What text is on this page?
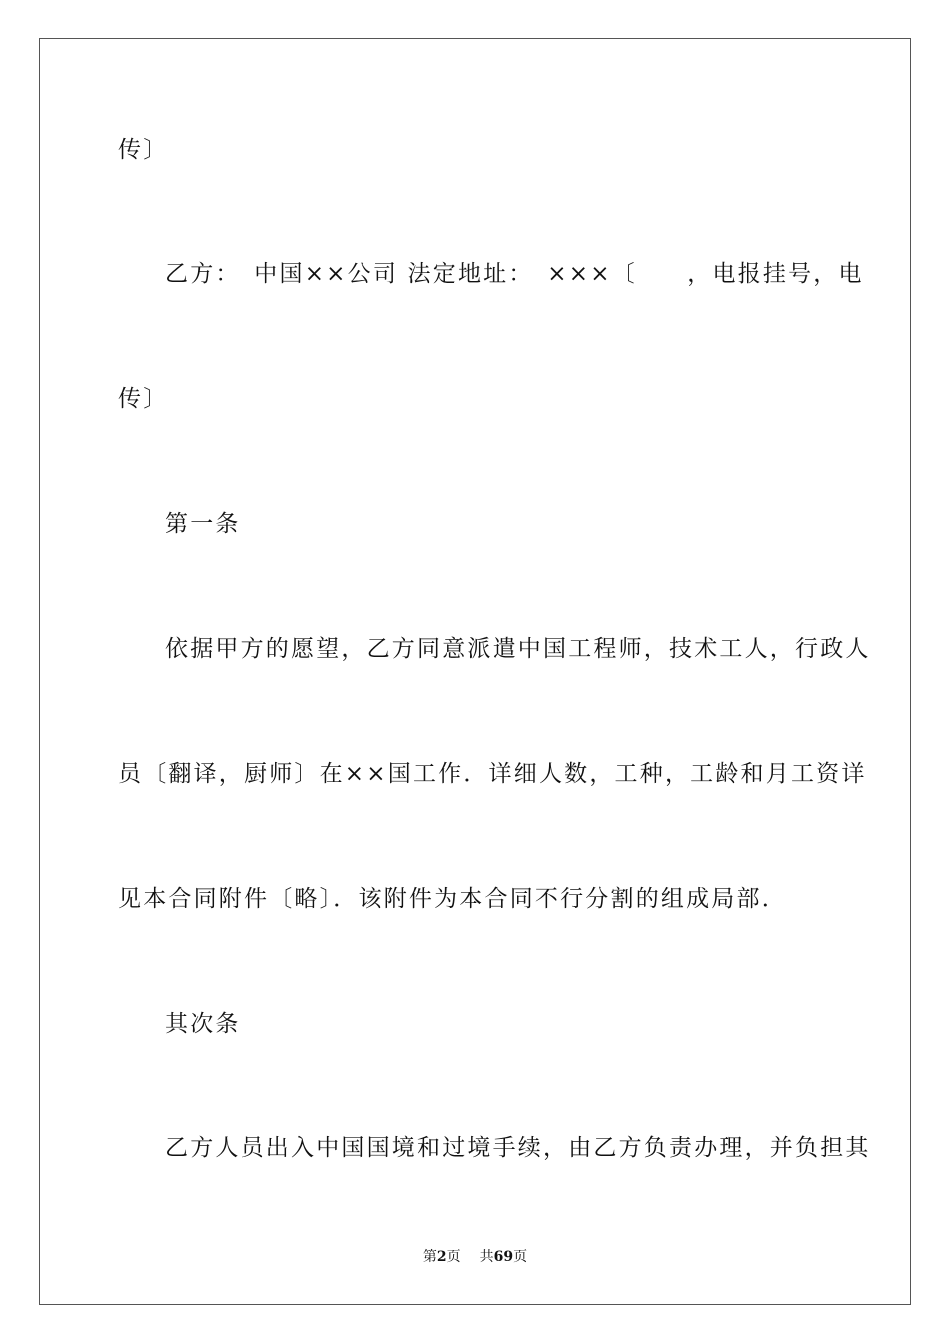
传〕
乙方：　中国××公司 法定地址：　×××〔　　，电报挂号，电
传〕
第一条
依据甲方的愿望，乙方同意派遣中国工程师，技术工人，行政人
员〔翻译，厨师〕在××国工作．详细人数，工种，工龄和月工资详
见本合同附件〔略〕．该附件为本合同不行分割的组成局部．
其次条
乙方人员出入中国国境和过境手续，由乙方负责办理，并负担其
第2页 共69页
